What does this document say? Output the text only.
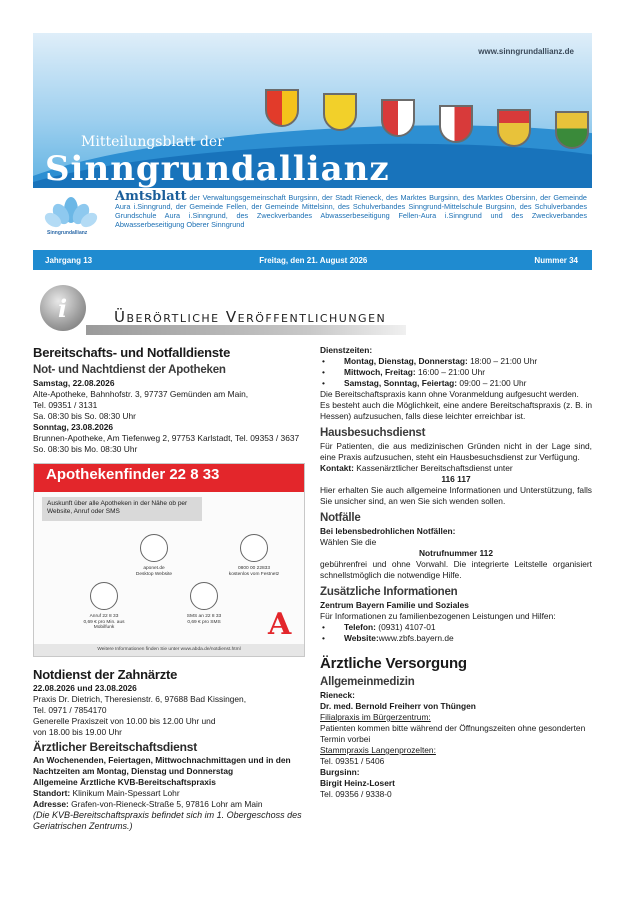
www.sinngrundallianz.de
Mitteilungsblatt der
Sinngrundallianz
Sinngrundallianz
Amtsblatt der Verwaltungsgemeinschaft Burgsinn, der Stadt Rieneck, des Marktes Burgsinn, des Marktes Obersinn, der Gemeinde Aura i.Sinngrund, der Gemeinde Fellen, der Gemeinde Mittelsinn, des Schulverbandes Sinngrund-Mittelschule Burgsinn, des Schulverbandes Grundschule Aura i.Sinngrund, des Zweckverbandes Abwasserbeseitigung Fellen-Aura i.Sinngrund und des Zweckverbandes Abwasserbeseitigung Oberer Sinngrund
Jahrgang 13	Freitag, den 21. August 2026	Nummer 34
i	Überörtliche Veröffentlichungen
Bereitschafts- und Notfalldienste
Not- und Nachtdienst der Apotheken

Samstag, 22.08.2026

Alte-Apotheke, Bahnhofstr. 3, 97737 Gemünden am Main,

Tel. 09351 / 3131

Sa. 08:30 bis So. 08:30 Uhr

Sonntag, 23.08.2026

Brunnen-Apotheke, Am Tiefenweg 2, 97753 Karlstadt, Tel. 09353 / 3637

So. 08:30 bis Mo. 08:30 Uhr

Apothekenfinder 22 8 33
Auskunft über alle Apotheken in der Nähe ob per Website, Anruf oder SMS
aponet.de
Desktop Website
0800 00 22833
kostenlos vom Festnetz
Anruf 22 8 33
0,69 € pro Min. aus Mobilfunk
SMS an 22 8 33
0,69 € pro SMS	A
Weitere Informationen finden Sie unter www.abda.de/notdienst.html
Notdienst der Zahnärzte

22.08.2026 und 23.08.2026

Praxis Dr. Dietrich, Theresienstr. 6, 97688 Bad Kissingen,

Tel. 0971 / 7854170

Generelle Praxiszeit von 10.00 bis 12.00 Uhr und

von 18.00 bis 19.00 Uhr

Ärztlicher Bereitschaftsdienst

An Wochenenden, Feiertagen, Mittwochnachmittagen und in den Nachtzeiten am Montag, Dienstag und Donnerstag

Allgemeine Ärztliche KVB-Bereitschaftspraxis

Standort: Klinikum Main-Spessart Lohr

Adresse: Grafen-von-Rieneck-Straße 5, 97816 Lohr am Main

(Die KVB-Bereitschaftspraxis befindet sich im 1. Obergeschoss des Geriatrischen Zentrums.)

Dienstzeiten:

• Montag, Dienstag, Donnerstag: 18:00 – 21:00 Uhr
• Mittwoch, Freitag: 16:00 – 21:00 Uhr
• Samstag, Sonntag, Feiertag: 09:00 – 21:00 Uhr

Die Bereitschaftspraxis kann ohne Voranmeldung aufgesucht werden.

Es besteht auch die Möglichkeit, eine andere Bereitschaftspraxis (z. B. in Hessen) aufzusuchen, falls diese leichter erreichbar ist.

Hausbesuchsdienst

Für Patienten, die aus medizinischen Gründen nicht in der Lage sind, eine Praxis aufzusuchen, steht ein Hausbesuchsdienst zur Verfügung.

Kontakt: Kassenärztlicher Bereitschaftsdienst unter

116 117

Hier erhalten Sie auch allgemeine Informationen und Unterstützung, falls Sie unsicher sind, an wen Sie sich wenden sollen.

Notfälle

Bei lebensbedrohlichen Notfällen:

Wählen Sie die

Notrufnummer 112

gebührenfrei und ohne Vorwahl. Die integrierte Leitstelle organisiert schnellstmöglich die notwendige Hilfe.

Zusätzliche Informationen

Zentrum Bayern Familie und Soziales

Für Informationen zu familienbezogenen Leistungen und Hilfen:

• Telefon: (0931) 4107-01
• Website:www.zbfs.bayern.de
Ärztliche Versorgung
Allgemeinmedizin

Rieneck:

Dr. med. Bernold Freiherr von Thüngen

Filialpraxis im Bürgerzentrum:

Patienten kommen bitte während der Öffnungszeiten ohne gesonderten Termin vorbei

Stammpraxis Langenprozelten:

Tel. 09351 / 5406

Burgsinn:

Birgit Heinz-Losert

Tel. 09356 / 9338-0
